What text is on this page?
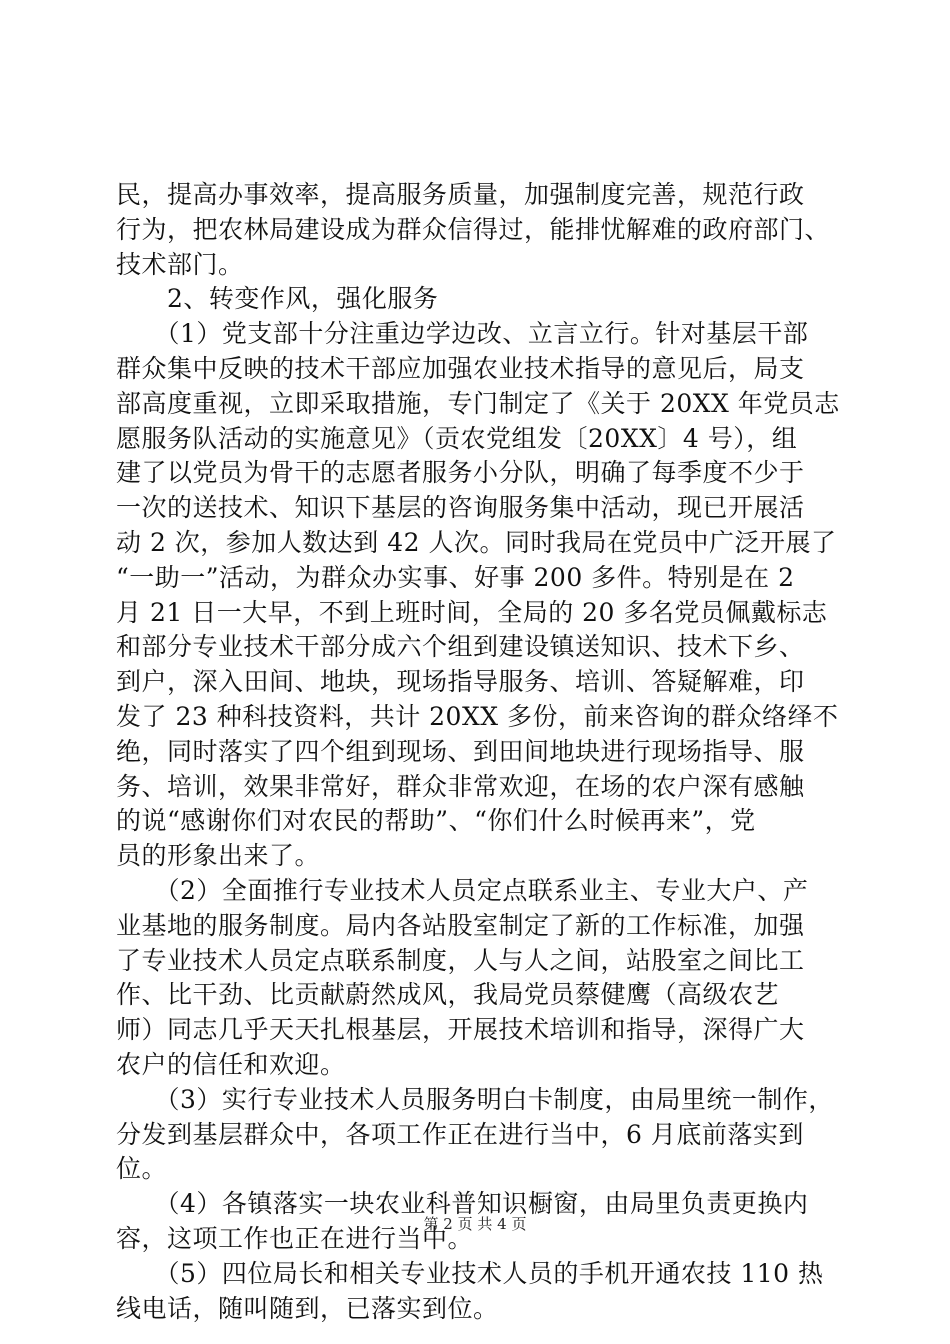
民，提高办事效率，提高服务质量，加强制度完善，规范行政
行为，把农林局建设成为群众信得过，能排忧解难的政府部门、
技术部门。
　　2、转变作风，强化服务
　　（1）党支部十分注重边学边改、立言立行。针对基层干部
群众集中反映的技术干部应加强农业技术指导的意见后，局支
部高度重视，立即采取措施，专门制定了《关于 20XX 年党员志
愿服务队活动的实施意见》（贡农党组发〔20XX〕4 号），组
建了以党员为骨干的志愿者服务小分队，明确了每季度不少于
一次的送技术、知识下基层的咨询服务集中活动，现已开展活
动 2 次，参加人数达到 42 人次。同时我局在党员中广泛开展了
“一助一”活动，为群众办实事、好事 200 多件。特别是在 2
月 21 日一大早，不到上班时间，全局的 20 多名党员佩戴标志
和部分专业技术干部分成六个组到建设镇送知识、技术下乡、
到户，深入田间、地块，现场指导服务、培训、答疑解难，印
发了 23 种科技资料，共计 20XX 多份，前来咨询的群众络绎不
绝，同时落实了四个组到现场、到田间地块进行现场指导、服
务、培训，效果非常好，群众非常欢迎，在场的农户深有感触
的说“感谢你们对农民的帮助”、“你们什么时候再来”，党
员的形象出来了。
　　（2）全面推行专业技术人员定点联系业主、专业大户、产
业基地的服务制度。局内各站股室制定了新的工作标准，加强
了专业技术人员定点联系制度，人与人之间，站股室之间比工
作、比干劲、比贡献蔚然成风，我局党员蔡健鹰（高级农艺
师）同志几乎天天扎根基层，开展技术培训和指导，深得广大
农户的信任和欢迎。
　　（3）实行专业技术人员服务明白卡制度，由局里统一制作，
分发到基层群众中，各项工作正在进行当中，6 月底前落实到
位。
　　（4）各镇落实一块农业科普知识橱窗，由局里负责更换内
容，这项工作也正在进行当中。
　　（5）四位局长和相关专业技术人员的手机开通农技 110 热
线电话，随叫随到，已落实到位。
第 2 页 共 4 页
